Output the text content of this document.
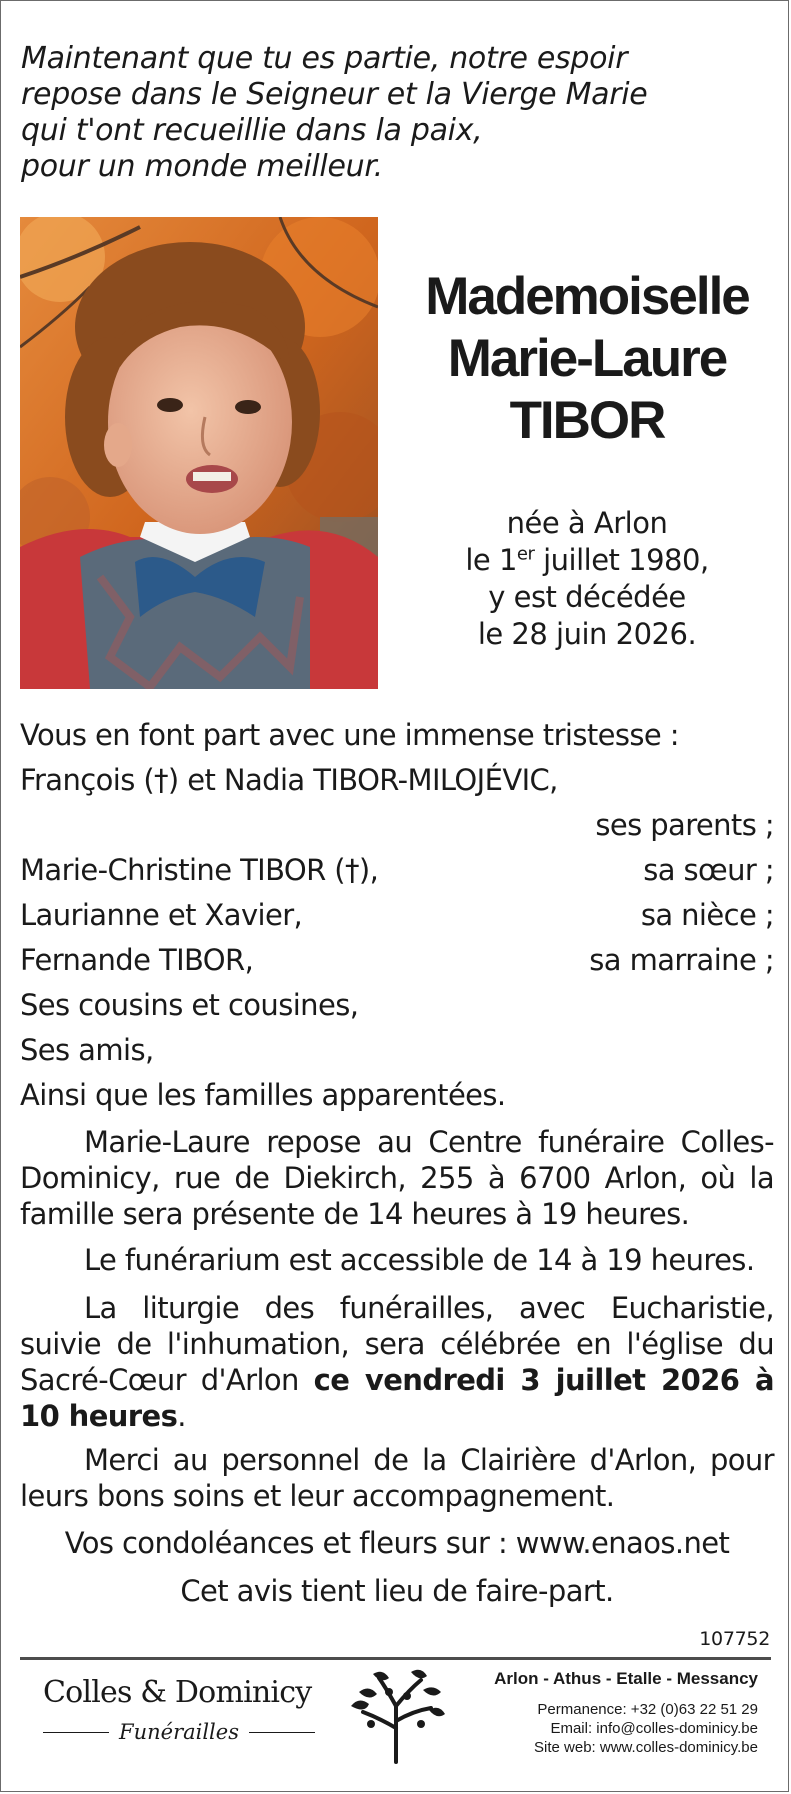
Maintenant que tu es partie, notre espoir
repose dans le Seigneur et la Vierge Marie
qui t'ont recueillie dans la paix,
pour un monde meilleur.
Mademoiselle
Marie-Laure
TIBOR
née à Arlon
le 1er juillet 1980,
y est décédée
le 28 juin 2026.
Vous en font part avec une immense tristesse :
François (†) et Nadia TIBOR-MILOJÉVIC,
ses parents ;
Marie-Christine TIBOR (†),	sa sœur ;
Laurianne et Xavier,	sa nièce ;
Fernande TIBOR,	sa marraine ;
Ses cousins et cousines,
Ses amis,
Ainsi que les familles apparentées.
Marie-Laure repose au Centre funéraire Colles-Dominicy, rue de Diekirch, 255 à 6700 Arlon, où la famille sera présente de 14 heures à 19 heures.
Le funérarium est accessible de 14 à 19 heures.
La liturgie des funérailles, avec Eucharistie, suivie de l'inhumation, sera célébrée en l'église du Sacré-Cœur d'Arlon ce vendredi 3 juillet 2026 à 10 heures.
Merci au personnel de la Clairière d'Arlon, pour leurs bons soins et leur accompagnement.
Vos condoléances et fleurs sur : www.enaos.net
Cet avis tient lieu de faire-part.
107752
Colles & Dominicy
Funérailles
Arlon - Athus - Etalle - Messancy
Permanence: +32 (0)63 22 51 29
Email: info@colles-dominicy.be
Site web: www.colles-dominicy.be
